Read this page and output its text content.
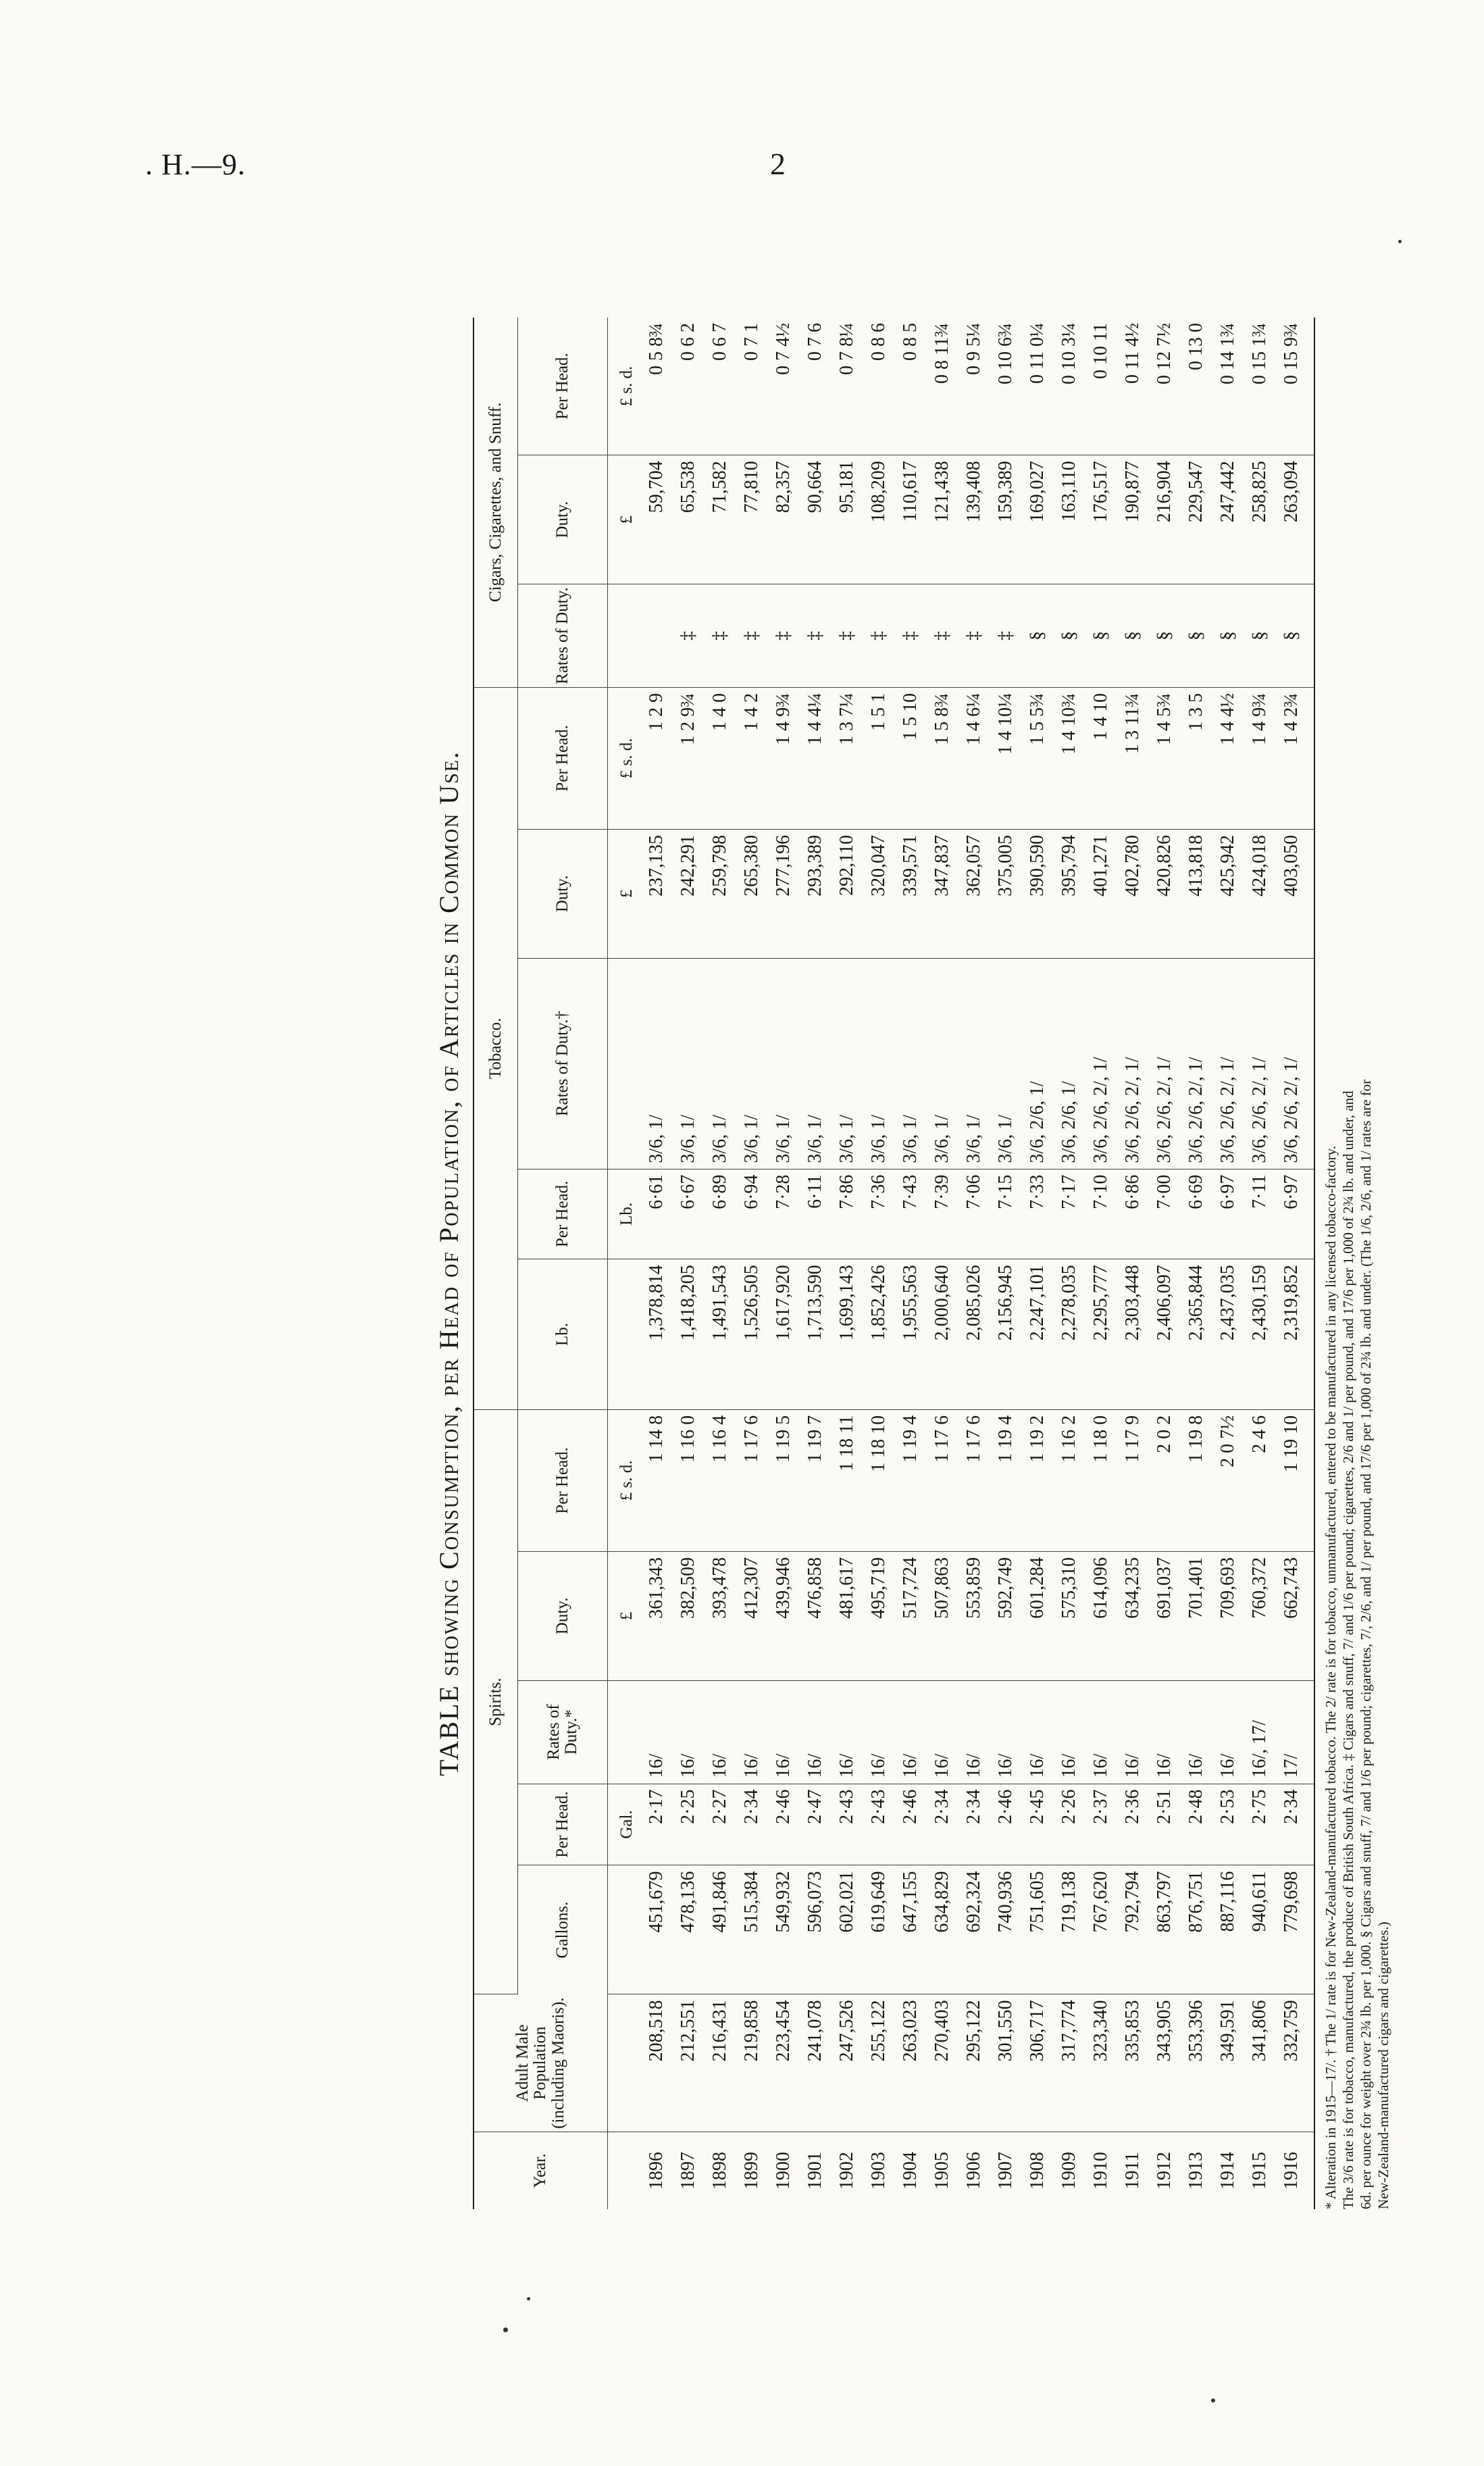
. H.—9.	2
TABLE showing Consumption, per Head of Population, of Articles in Common Use.
Year.	Adult Male Population (including Maoris).	Spirits.					Tobacco.					Cigars, Cigarettes, and Snuff.		
		Gallons.	Per Head.	Rates of Duty.*	Duty.	Per Head.	Lb.	Per Head.	Rates of Duty.†	Duty.	Per Head.	Rates of Duty.	Duty.	Per Head.
			Gal.		£	£ s. d.		Lb.		£	£ s. d.		£	£ s. d.
1896	208,518	451,679	2·17	16/	361,343	1 14 8	1,378,814	6·61	3/6, 1/	237,135	1 2 9		59,704	0 5 8¾
1897	212,551	478,136	2·25	16/	382,509	1 16 0	1,418,205	6·67	3/6, 1/	242,291	1 2 9¾	‡	65,538	0 6 2
1898	216,431	491,846	2·27	16/	393,478	1 16 4	1,491,543	6·89	3/6, 1/	259,798	1 4 0	‡	71,582	0 6 7
1899	219,858	515,384	2·34	16/	412,307	1 17 6	1,526,505	6·94	3/6, 1/	265,380	1 4 2	‡	77,810	0 7 1
1900	223,454	549,932	2·46	16/	439,946	1 19 5	1,617,920	7·28	3/6, 1/	277,196	1 4 9¾	‡	82,357	0 7 4½
1901	241,078	596,073	2·47	16/	476,858	1 19 7	1,713,590	6·11	3/6, 1/	293,389	1 4 4¼	‡	90,664	0 7 6
1902	247,526	602,021	2·43	16/	481,617	1 18 11	1,699,143	7·86	3/6, 1/	292,110	1 3 7¼	‡	95,181	0 7 8¼
1903	255,122	619,649	2·43	16/	495,719	1 18 10	1,852,426	7·36	3/6, 1/	320,047	1 5 1	‡	108,209	0 8 6
1904	263,023	647,155	2·46	16/	517,724	1 19 4	1,955,563	7·43	3/6, 1/	339,571	1 5 10	‡	110,617	0 8 5
1905	270,403	634,829	2·34	16/	507,863	1 17 6	2,000,640	7·39	3/6, 1/	347,837	1 5 8¾	‡	121,438	0 8 11¾
1906	295,122	692,324	2·34	16/	553,859	1 17 6	2,085,026	7·06	3/6, 1/	362,057	1 4 6¼	‡	139,408	0 9 5¼
1907	301,550	740,936	2·46	16/	592,749	1 19 4	2,156,945	7·15	3/6, 1/	375,005	1 4 10¼	‡	159,389	0 10 6¾
1908	306,717	751,605	2·45	16/	601,284	1 19 2	2,247,101	7·33	3/6, 2/6, 1/	390,590	1 5 5¾	§	169,027	0 11 0¼
1909	317,774	719,138	2·26	16/	575,310	1 16 2	2,278,035	7·17	3/6, 2/6, 1/	395,794	1 4 10¾	§	163,110	0 10 3¼
1910	323,340	767,620	2·37	16/	614,096	1 18 0	2,295,777	7·10	3/6, 2/6, 2/, 1/	401,271	1 4 10	§	176,517	0 10 11
1911	335,853	792,794	2·36	16/	634,235	1 17 9	2,303,448	6·86	3/6, 2/6, 2/, 1/	402,780	1 3 11¾	§	190,877	0 11 4½
1912	343,905	863,797	2·51	16/	691,037	2 0 2	2,406,097	7·00	3/6, 2/6, 2/, 1/	420,826	1 4 5¾	§	216,904	0 12 7½
1913	353,396	876,751	2·48	16/	701,401	1 19 8	2,365,844	6·69	3/6, 2/6, 2/, 1/	413,818	1 3 5	§	229,547	0 13 0
1914	349,591	887,116	2·53	16/	709,693	2 0 7½	2,437,035	6·97	3/6, 2/6, 2/, 1/	425,942	1 4 4½	§	247,442	0 14 1¾
1915	341,806	940,611	2·75	16/, 17/	760,372	2 4 6	2,430,159	7·11	3/6, 2/6, 2/, 1/	424,018	1 4 9¾	§	258,825	0 15 1¾
1916	332,759	779,698	2·34	17/	662,743	1 19 10	2,319,852	6·97	3/6, 2/6, 2/, 1/	403,050	1 4 2¾	§	263,094	0 15 9¾
* Alteration in 1915—17/. † The 1/ rate is for New-Zealand-manufactured tobacco. The 2/ rate is for tobacco, unmanufactured, entered to be manufactured in any licensed tobacco-factory. The 3/6 rate is for tobacco, manufactured, the produce of British South Africa. ‡ Cigars and snuff, 7/ and 1/6 per pound; cigarettes, 2/6 and 1/ per pound, and 17/6 per 1,000 of 2¾ lb. and under, and 6d. per ounce for weight over 2¾ lb. per 1,000. § Cigars and snuff, 7/ and 1/6 per pound; cigarettes, 7/, 2/6, and 1/ per pound, and 17/6 per 1,000 of 2¾ lb. and under. (The 1/6, 2/6, and 1/ rates are for New-Zealand-manufactured cigars and cigarettes.)
